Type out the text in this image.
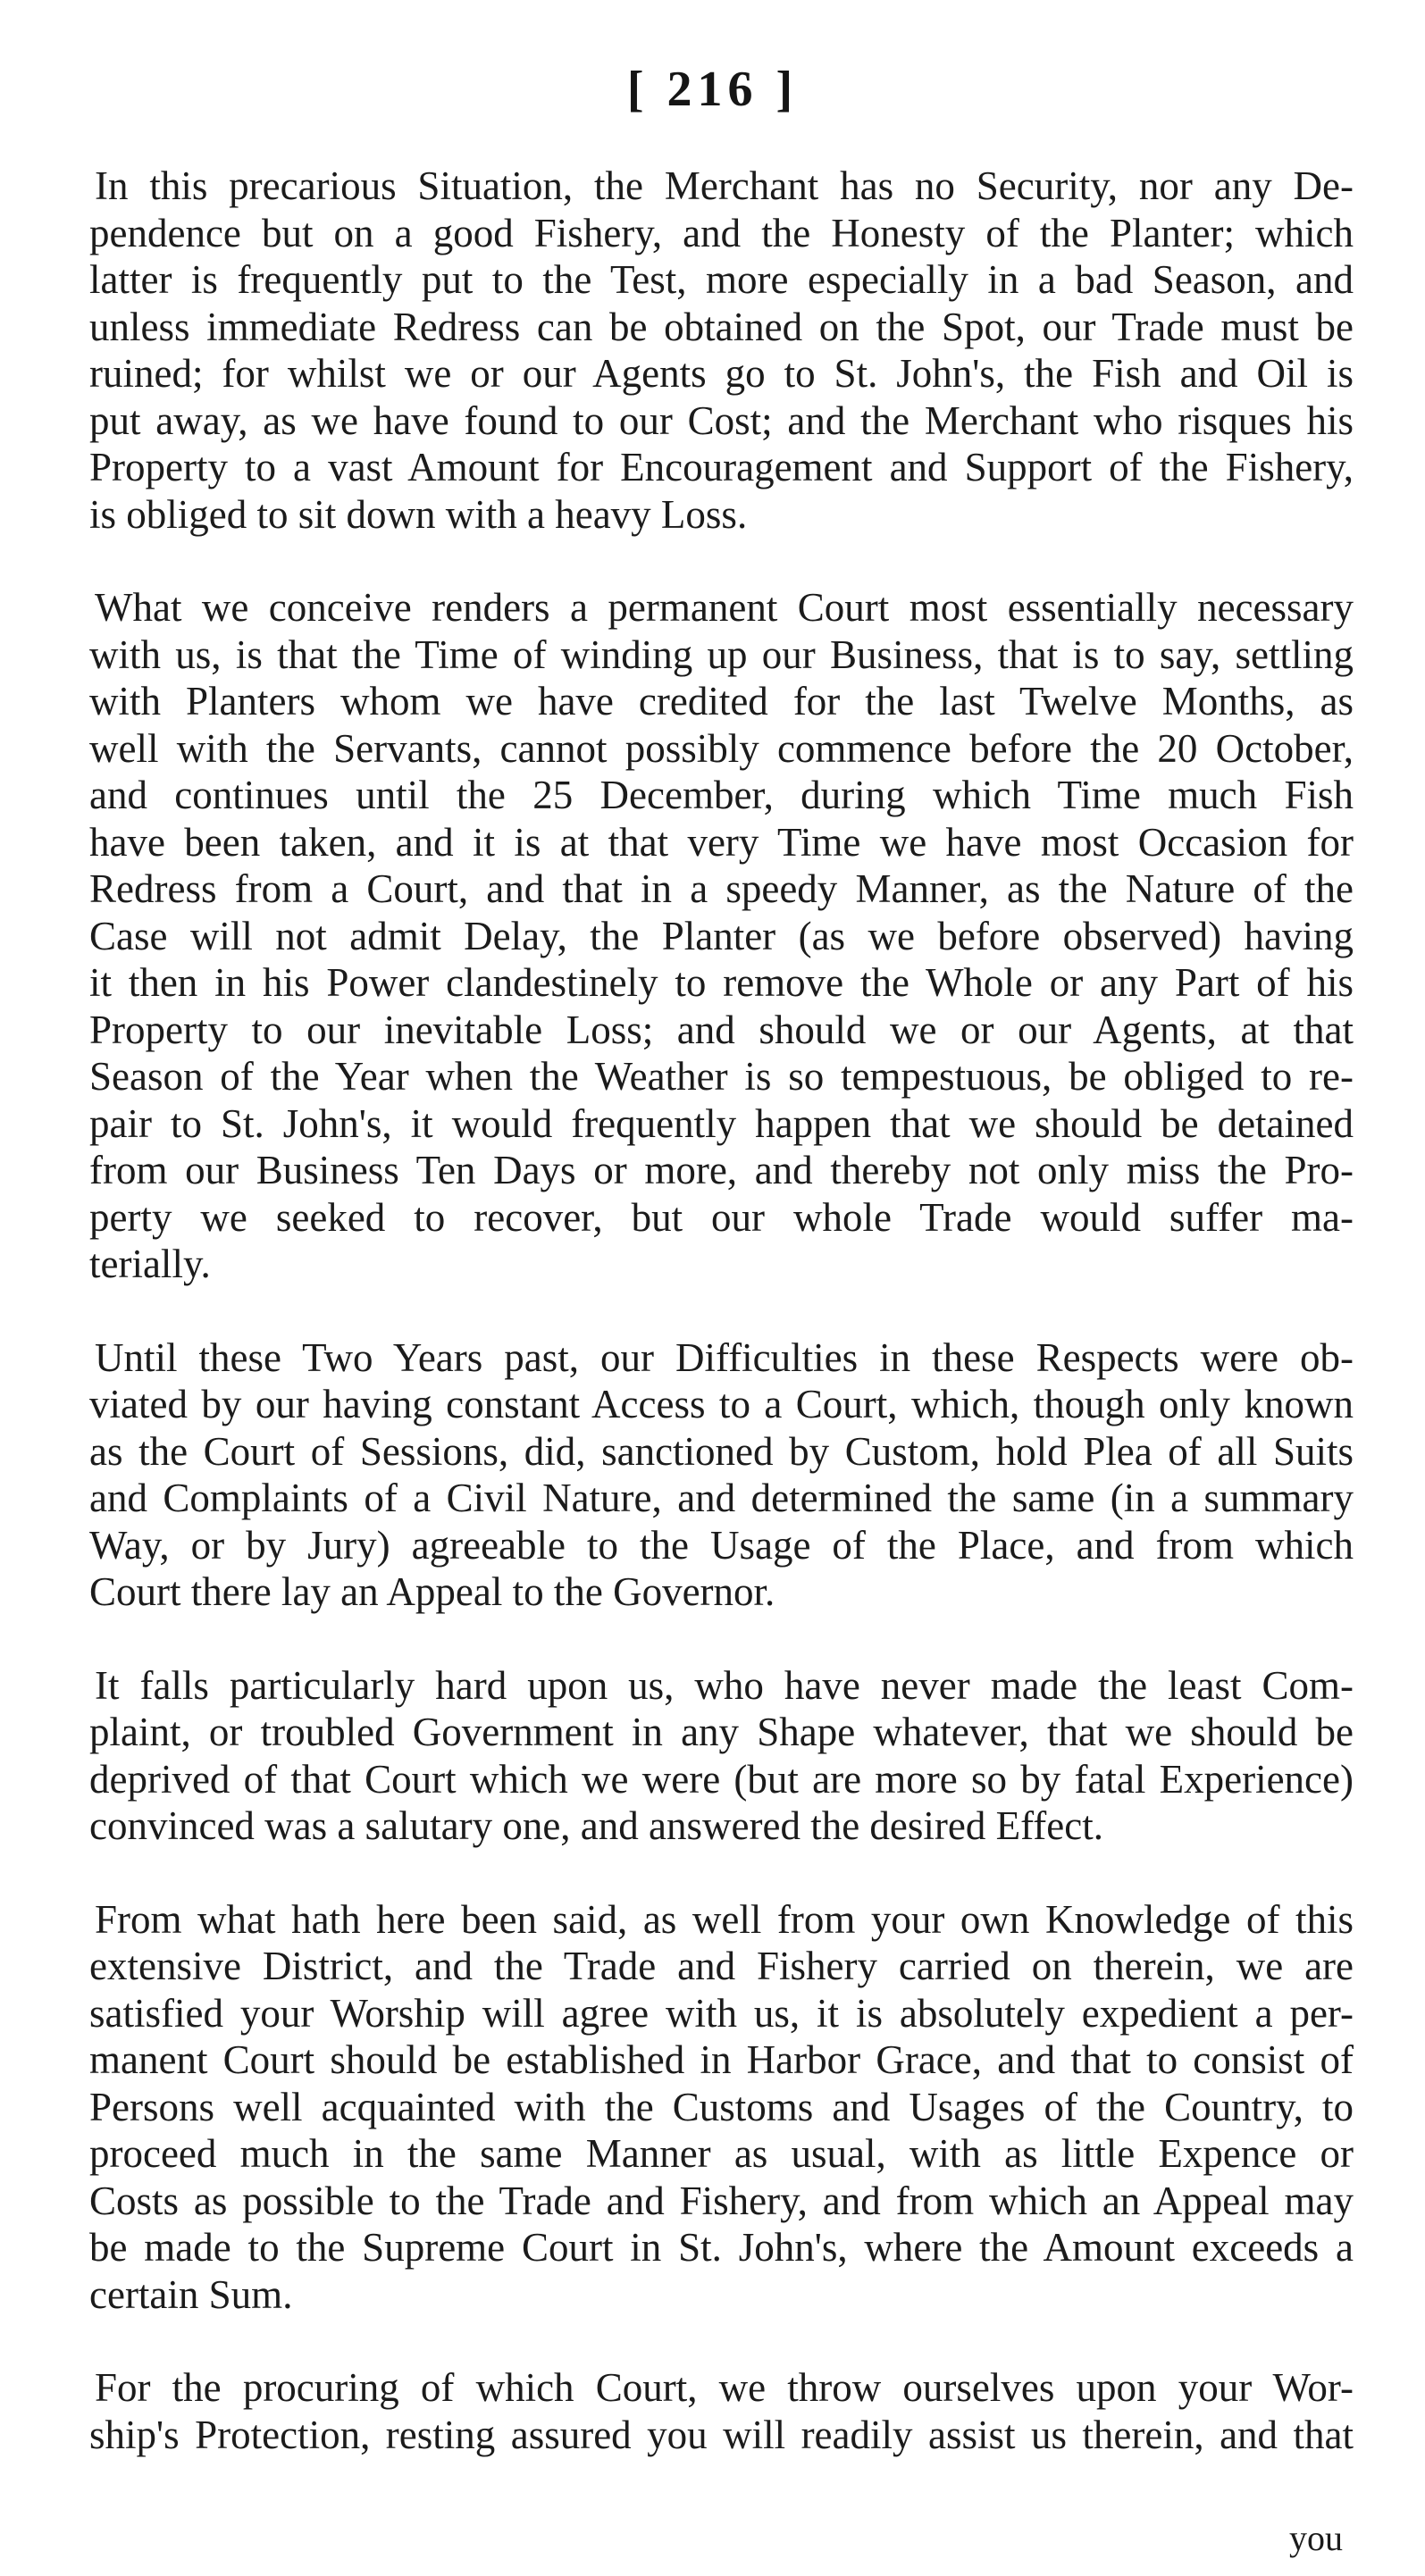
[ 216 ]

In this precarious Situation, the Merchant has no Security, nor any De-
pendence but on a good Fishery, and the Honesty of the Planter; which
latter is frequently put to the Test, more especially in a bad Season, and
unless immediate Redress can be obtained on the Spot, our Trade must be
ruined; for whilst we or our Agents go to St. John's, the Fish and Oil is
put away, as we have found to our Cost; and the Merchant who risques his
Property to a vast Amount for Encouragement and Support of the Fishery,
is obliged to sit down with a heavy Loss.

What we conceive renders a permanent Court most essentially necessary
with us, is that the Time of winding up our Business, that is to say, settling
with Planters whom we have credited for the last Twelve Months, as
well with the Servants, cannot possibly commence before the 20 October,
and continues until the 25 December, during which Time much Fish
have been taken, and it is at that very Time we have most Occasion for
Redress from a Court, and that in a speedy Manner, as the Nature of the
Case will not admit Delay, the Planter (as we before observed) having
it then in his Power clandestinely to remove the Whole or any Part of his
Property to our inevitable Loss; and should we or our Agents, at that
Season of the Year when the Weather is so tempestuous, be obliged to re-
pair to St. John's, it would frequently happen that we should be detained
from our Business Ten Days or more, and thereby not only miss the Pro-
perty we seeked to recover, but our whole Trade would suffer ma-
terially.

Until these Two Years past, our Difficulties in these Respects were ob-
viated by our having constant Access to a Court, which, though only known
as the Court of Sessions, did, sanctioned by Custom, hold Plea of all Suits
and Complaints of a Civil Nature, and determined the same (in a summary
Way, or by Jury) agreeable to the Usage of the Place, and from which
Court there lay an Appeal to the Governor.

It falls particularly hard upon us, who have never made the least Com-
plaint, or troubled Government in any Shape whatever, that we should be
deprived of that Court which we were (but are more so by fatal Experience)
convinced was a salutary one, and answered the desired Effect.

From what hath here been said, as well from your own Knowledge of this
extensive District, and the Trade and Fishery carried on therein, we are
satisfied your Worship will agree with us, it is absolutely expedient a per-
manent Court should be established in Harbor Grace, and that to consist of
Persons well acquainted with the Customs and Usages of the Country, to
proceed much in the same Manner as usual, with as little Expence or
Costs as possible to the Trade and Fishery, and from which an Appeal may
be made to the Supreme Court in St. John's, where the Amount exceeds a
certain Sum.

For the procuring of which Court, we throw ourselves upon your Wor-
ship's Protection, resting assured you will readily assist us therein, and that

you
